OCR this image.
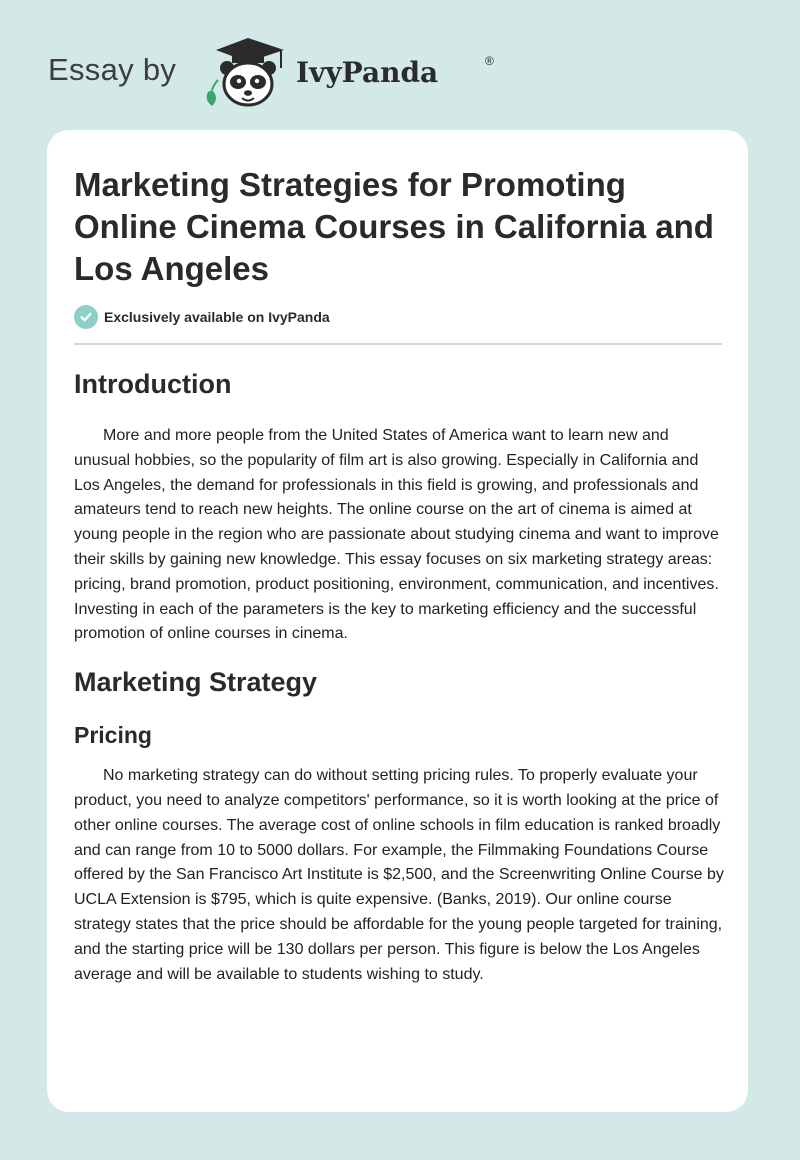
Essay by	IvyPanda	®
Marketing Strategies for Promoting Online Cinema Courses in California and Los Angeles
Exclusively available on IvyPanda
Introduction

More and more people from the United States of America want to learn new and unusual hobbies, so the popularity of film art is also growing. Especially in California and Los Angeles, the demand for professionals in this field is growing, and professionals and amateurs tend to reach new heights. The online course on the art of cinema is aimed at young people in the region who are passionate about studying cinema and want to improve their skills by gaining new knowledge. This essay focuses on six marketing strategy areas: pricing, brand promotion, product positioning, environment, communication, and incentives. Investing in each of the parameters is the key to marketing efficiency and the successful promotion of online courses in cinema.

Marketing Strategy
Pricing

No marketing strategy can do without setting pricing rules. To properly evaluate your product, you need to analyze competitors' performance, so it is worth looking at the price of other online courses. The average cost of online schools in film education is ranked broadly and can range from 10 to 5000 dollars. For example, the Filmmaking Foundations Course offered by the San Francisco Art Institute is $2,500, and the Screenwriting Online Course by UCLA Extension is $795, which is quite expensive. (Banks, 2019). Our online course strategy states that the price should be affordable for the young people targeted for training, and the starting price will be 130 dollars per person. This figure is below the Los Angeles average and will be available to students wishing to study.
